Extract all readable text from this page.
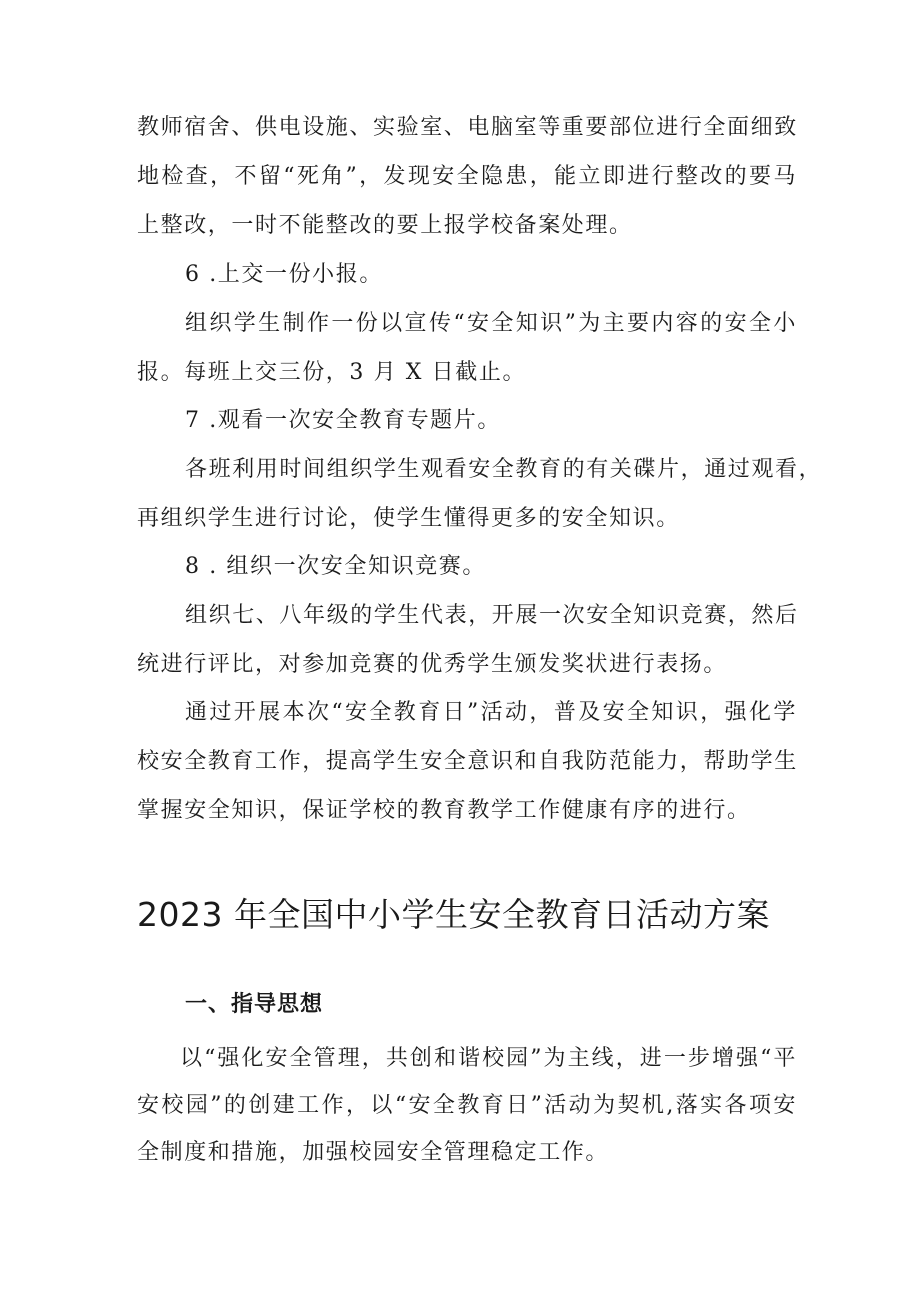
教师宿舍、供电设施、实验室、电脑室等重要部位进行全面细致
地检查，不留“死角”，发现安全隐患，能立即进行整改的要马
上整改，一时不能整改的要上报学校备案处理。
6 .上交一份小报。
组织学生制作一份以宣传“安全知识”为主要内容的安全小
报。每班上交三份，3 月 X 日截止。
7 .观看一次安全教育专题片。
各班利用时间组织学生观看安全教育的有关碟片，通过观看，
再组织学生进行讨论，使学生懂得更多的安全知识。
8 . 组织一次安全知识竞赛。
组织七、八年级的学生代表，开展一次安全知识竞赛，然后
统进行评比，对参加竞赛的优秀学生颁发奖状进行表扬。
通过开展本次“安全教育日”活动，普及安全知识，强化学
校安全教育工作，提高学生安全意识和自我防范能力，帮助学生
掌握安全知识，保证学校的教育教学工作健康有序的进行。
2023 年全国中小学生安全教育日活动方案
一、指导思想
以“强化安全管理，共创和谐校园”为主线，进一步增强“平
安校园”的创建工作，以“安全教育日”活动为契机,落实各项安
全制度和措施，加强校园安全管理稳定工作。
